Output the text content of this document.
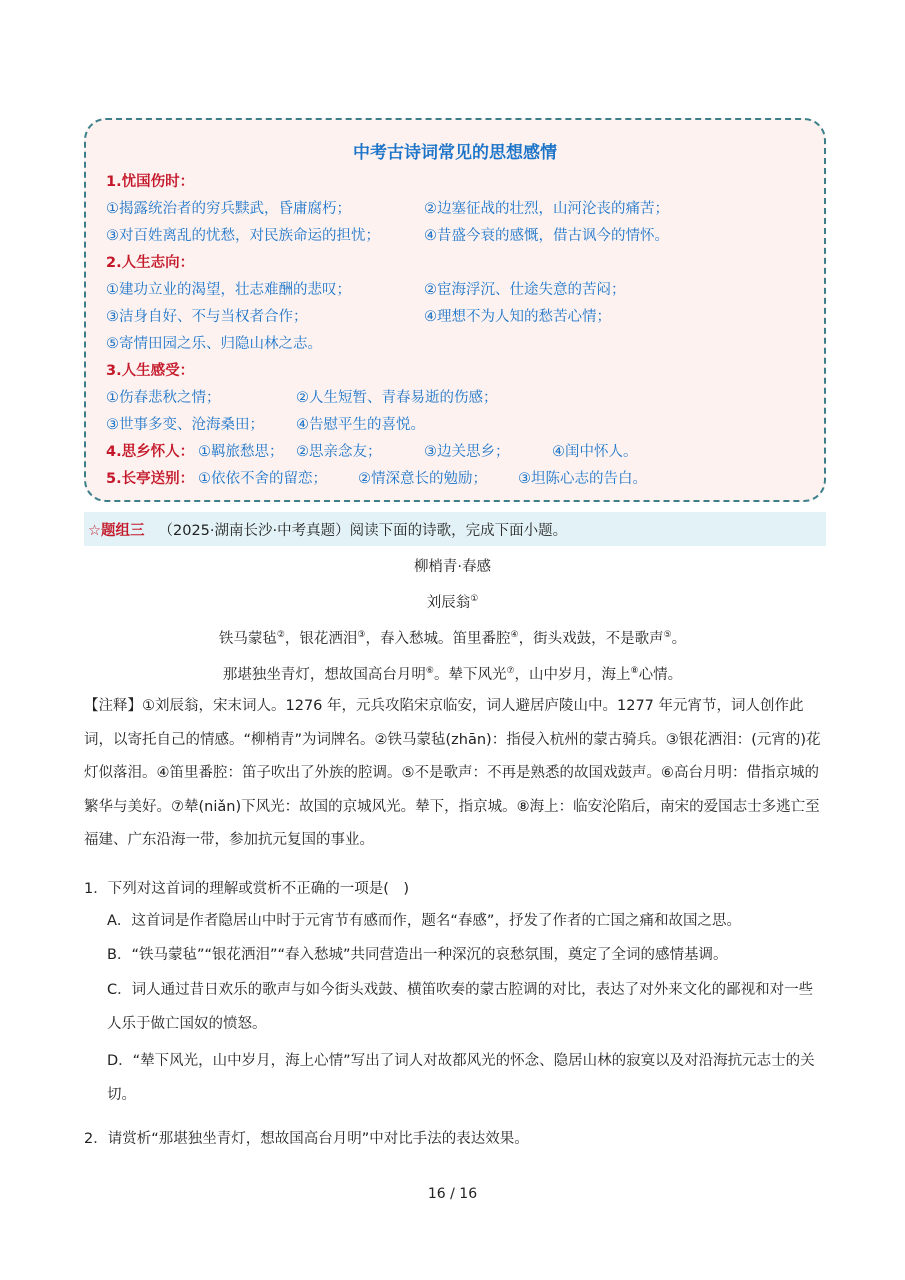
中考古诗词常见的思想感情
1.忧国伤时：
①揭露统治者的穷兵黩武，昏庸腐朽；	②边塞征战的壮烈，山河沦丧的痛苦；
③对百姓离乱的忧愁，对民族命运的担忧；	④昔盛今衰的感慨，借古讽今的情怀。
2.人生志向：
①建功立业的渴望，壮志难酬的悲叹；	②宦海浮沉、仕途失意的苦闷；
③洁身自好、不与当权者合作；	④理想不为人知的愁苦心情；
⑤寄情田园之乐、归隐山林之志。
3.人生感受：
①伤春悲秋之情；	②人生短暂、青春易逝的伤感；
③世事多变、沧海桑田； ④告慰平生的喜悦。
4.思乡怀人： ①羁旅愁思； ②思亲念友；	③边关思乡；	④闺中怀人。
5.长亭送别： ①依依不舍的留恋； ②情深意长的勉励； ③坦陈心志的告白。
☆题组三 （2025·湖南长沙·中考真题）阅读下面的诗歌，完成下面小题。
柳梢青·春感
刘辰翁①
铁马蒙毡②，银花洒泪③，春入愁城。笛里番腔④，街头戏鼓，不是歌声⑤。
那堪独坐青灯，想故国高台月明⑥。辇下风光⑦，山中岁月，海上⑧心情。
【注释】①刘辰翁，宋末词人。1276 年，元兵攻陷宋京临安，词人避居庐陵山中。1277 年元宵节，词人创作此词，以寄托自己的情感。“柳梢青”为词牌名。②铁马蒙毡(zhān)：指侵入杭州的蒙古骑兵。③银花洒泪：(元宵的)花灯似落泪。④笛里番腔：笛子吹出了外族的腔调。⑤不是歌声：不再是熟悉的故国戏鼓声。⑥高台月明：借指京城的繁华与美好。⑦辇(niǎn)下风光：故国的京城风光。辇下，指京城。⑧海上：临安沦陷后，南宋的爱国志士多逃亡至福建、广东沿海一带，参加抗元复国的事业。
1．下列对这首词的理解或赏析不正确的一项是(　)
A．这首词是作者隐居山中时于元宵节有感而作，题名“春感”，抒发了作者的亡国之痛和故国之思。
B．“铁马蒙毡”“银花洒泪”“春入愁城”共同营造出一种深沉的哀愁氛围，奠定了全词的感情基调。
C．词人通过昔日欢乐的歌声与如今街头戏鼓、横笛吹奏的蒙古腔调的对比，表达了对外来文化的鄙视和对一些人乐于做亡国奴的愤怒。
D．“辇下风光，山中岁月，海上心情”写出了词人对故都风光的怀念、隐居山林的寂寞以及对沿海抗元志士的关切。
2．请赏析“那堪独坐青灯，想故国高台月明”中对比手法的表达效果。
16 / 16
